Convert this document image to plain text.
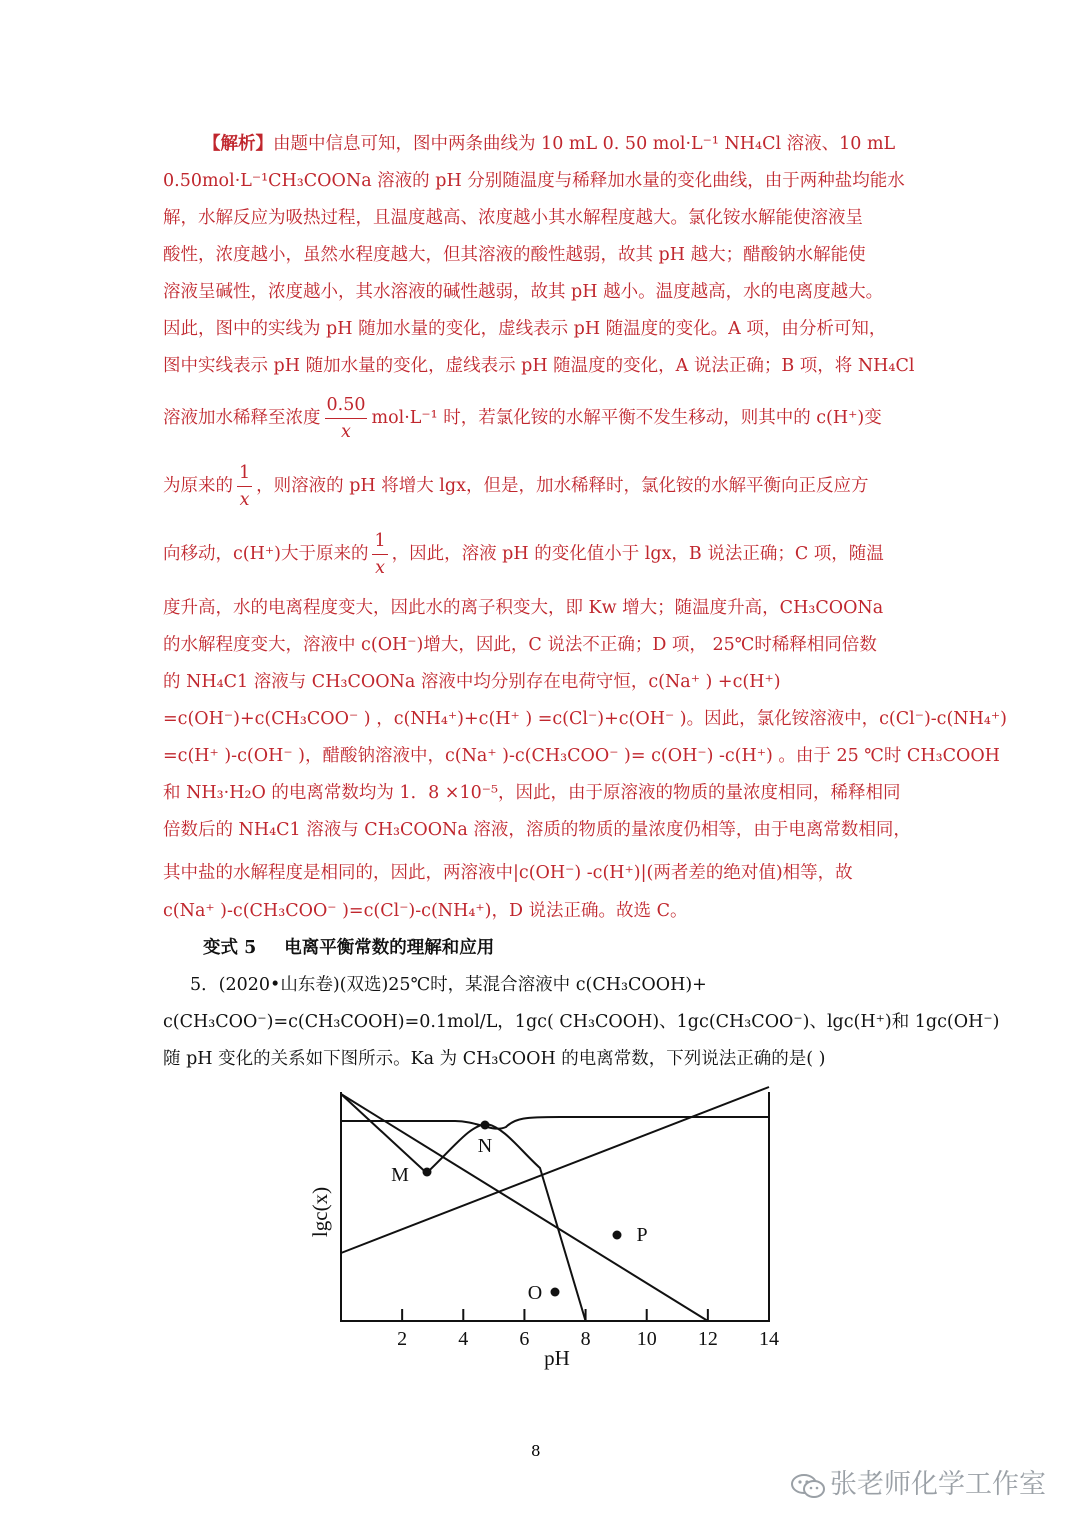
【解析】由题中信息可知，图中两条曲线为 10 mL 0. 50 mol·L⁻¹ NH₄Cl 溶液、10 mL
0.50mol·L⁻¹CH₃COONa 溶液的 pH 分别随温度与稀释加水量的变化曲线，由于两种盐均能水
解，水解反应为吸热过程，且温度越高、浓度越小其水解程度越大。氯化铵水解能使溶液呈
酸性，浓度越小，虽然水程度越大，但其溶液的酸性越弱，故其 pH 越大；醋酸钠水解能使
溶液呈碱性，浓度越小，其水溶液的碱性越弱，故其 pH 越小。温度越高，水的电离度越大。
因此，图中的实线为 pH 随加水量的变化，虚线表示 pH 随温度的变化。A 项，由分析可知，
图中实线表示 pH 随加水量的变化，虚线表示 pH 随温度的变化，A 说法正确；B 项，将 NH₄Cl
溶液加水稀释至浓度 $\frac{0.50}{x} mol\cdot L^{-1}$ 时，若氯化铵的水解平衡不发生移动，则其中的 c(H⁺)变
为原来的 $\frac{1}{x}$ ，则溶液的 pH 将增大 lgx，但是，加水稀释时，氯化铵的水解平衡向正反应方
向移动，c(H⁺)大于原来的 $\frac{1}{x}$ ，因此，溶液 pH 的变化值小于 lgx，B 说法正确；C 项，随温
度升高，水的电离程度变大，因此水的离子积变大，即 Kw 增大；随温度升高，CH₃COONa
的水解程度变大，溶液中 c(OH⁻)增大，因此，C 说法不正确；D 项， 25℃时稀释相同倍数
的 NH₄C1 溶液与 CH₃COONa 溶液中均分别存在电荷守恒，c(Na⁺ ) +c(H⁺)
=c(OH⁻)+c(CH₃COO⁻ ) ，c(NH₄⁺)+c(H⁺ ) =c(Cl⁻)+c(OH⁻ )。因此，氯化铵溶液中，c(Cl⁻)-c(NH₄⁺)
=c(H⁺ )-c(OH⁻ )，醋酸钠溶液中，c(Na⁺ )-c(CH₃COO⁻ )= c(OH⁻) -c(H⁺) 。由于 25 ℃时 CH₃COOH
和 NH₃·H₂O 的电离常数均为 1．8 ×10⁻⁵，因此，由于原溶液的物质的量浓度相同，稀释相同
倍数后的 NH₄C1 溶液与 CH₃COONa 溶液，溶质的物质的量浓度仍相等，由于电离常数相同，
其中盐的水解程度是相同的，因此，两溶液中|c(OH⁻) -c(H⁺)|(两者差的绝对值)相等，故
c(Na⁺ )-c(CH₃COO⁻ )=c(Cl⁻)-c(NH₄⁺)，D 说法正确。故选 C。
变式 5 电离平衡常数的理解和应用
5．(2020•山东卷)(双选)25℃时，某混合溶液中 c(CH₃COOH)+
c(CH₃COO⁻)=c(CH₃COOH)=0.1mol/L，1gc( CH₃COOH)、1gc(CH₃COO⁻)、lgc(H⁺)和 1gc(OH⁻)
随 pH 变化的关系如下图所示。Ka 为 CH₃COOH 的电离常数，下列说法正确的是( )
2	4	6	8 10 12 14
pH
lgc(x)
M
N
O
P
8
张老师化学工作室
